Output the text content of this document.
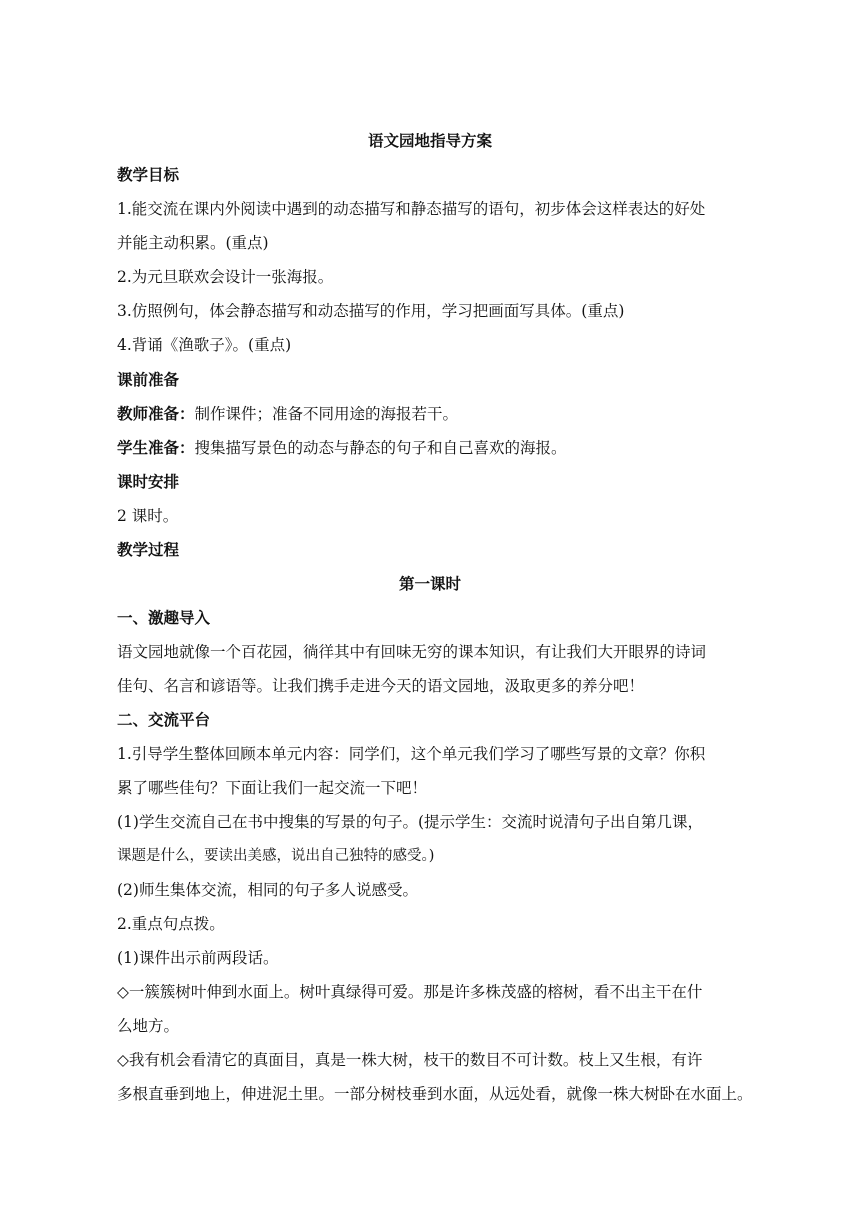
语文园地指导方案
教学目标
1.能交流在课内外阅读中遇到的动态描写和静态描写的语句，初步体会这样表达的好处
并能主动积累。(重点)
2.为元旦联欢会设计一张海报。
3.仿照例句，体会静态描写和动态描写的作用，学习把画面写具体。(重点)
4.背诵《渔歌子》。(重点)
课前准备
教师准备：制作课件；准备不同用途的海报若干。
学生准备：搜集描写景色的动态与静态的句子和自己喜欢的海报。
课时安排
2 课时。
教学过程
第一课时
一、激趣导入
语文园地就像一个百花园，徜徉其中有回味无穷的课本知识，有让我们大开眼界的诗词
佳句、名言和谚语等。让我们携手走进今天的语文园地，汲取更多的养分吧！
二、交流平台
1.引导学生整体回顾本单元内容：同学们，这个单元我们学习了哪些写景的文章？你积
累了哪些佳句？下面让我们一起交流一下吧！
(1)学生交流自己在书中搜集的写景的句子。(提示学生：交流时说清句子出自第几课，
课题是什么，要读出美感，说出自己独特的感受。)
(2)师生集体交流，相同的句子多人说感受。
2.重点句点拨。
(1)课件出示前两段话。
◇一簇簇树叶伸到水面上。树叶真绿得可爱。那是许多株茂盛的榕树，看不出主干在什
么地方。
◇我有机会看清它的真面目，真是一株大树，枝干的数目不可计数。枝上又生根，有许
多根直垂到地上，伸进泥土里。一部分树枝垂到水面，从远处看，就像一株大树卧在水面上。
